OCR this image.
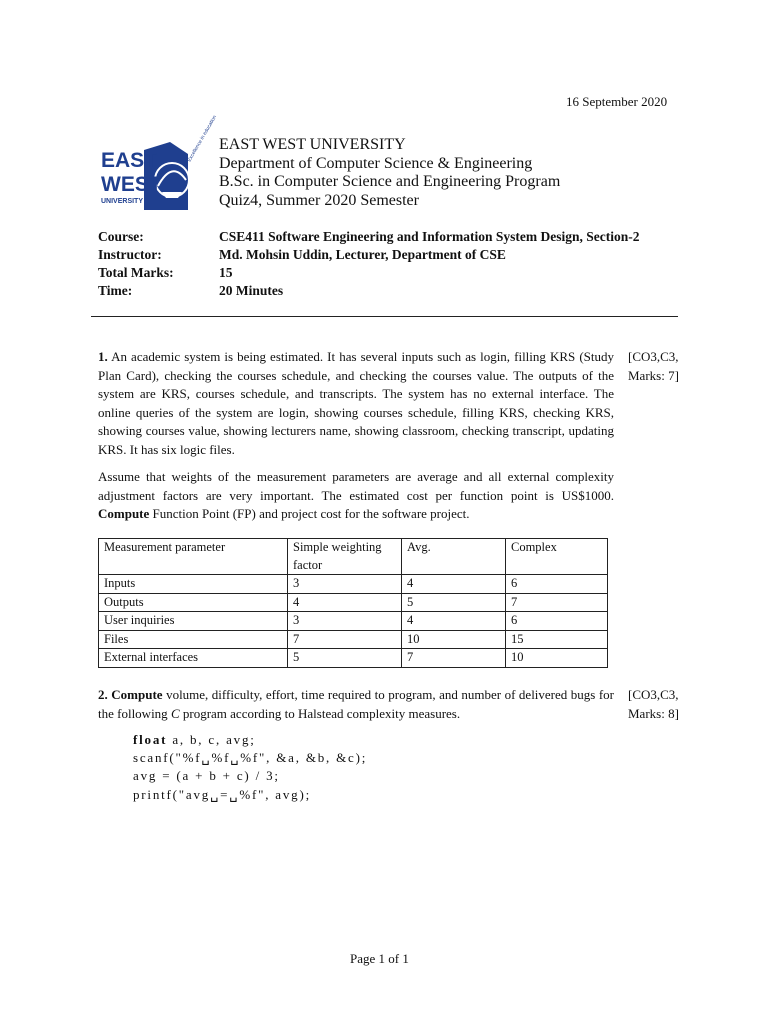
16 September 2020
EAST
WEST
UNIVERSITY
Excellence in education EAST WEST UNIVERSITY
Department of Computer Science & Engineering
B.Sc. in Computer Science and Engineering Program
Quiz4, Summer 2020 Semester
Course:	CSE411 Software Engineering and Information System Design, Section-2
Instructor:	Md. Mohsin Uddin, Lecturer, Department of CSE
Total Marks:	15
Time:	20 Minutes
1. An academic system is being estimated. It has several inputs such as login, filling KRS (Study Plan Card), checking the courses schedule, and checking the courses value. The outputs of the system are KRS, courses schedule, and transcripts. The system has no external interface. The online queries of the system are login, showing courses schedule, filling KRS, checking KRS, showing courses value, showing lecturers name, showing classroom, checking transcript, updating KRS. It has six logic files.
[CO3,C3,
Marks: 7]
Assume that weights of the measurement parameters are average and all external complexity adjustment factors are very important. The estimated cost per function point is US$1000. Compute Function Point (FP) and project cost for the software project.
Measurement parameter	Simple weighting factor	Avg.	Complex
Inputs	3	4	6
Outputs	4	5	7
User inquiries	3	4	6
Files	7	10	15
External interfaces	5	7	10
2. Compute volume, difficulty, effort, time required to program, and number of delivered bugs for the following C program according to Halstead complexity measures.
[CO3,C3,
Marks: 8]
float a, b, c, avg;
scanf("%f␣%f␣%f", &a, &b, &c);
avg = (a + b + c) / 3;
printf("avg␣=␣%f", avg);
Page 1 of 1
